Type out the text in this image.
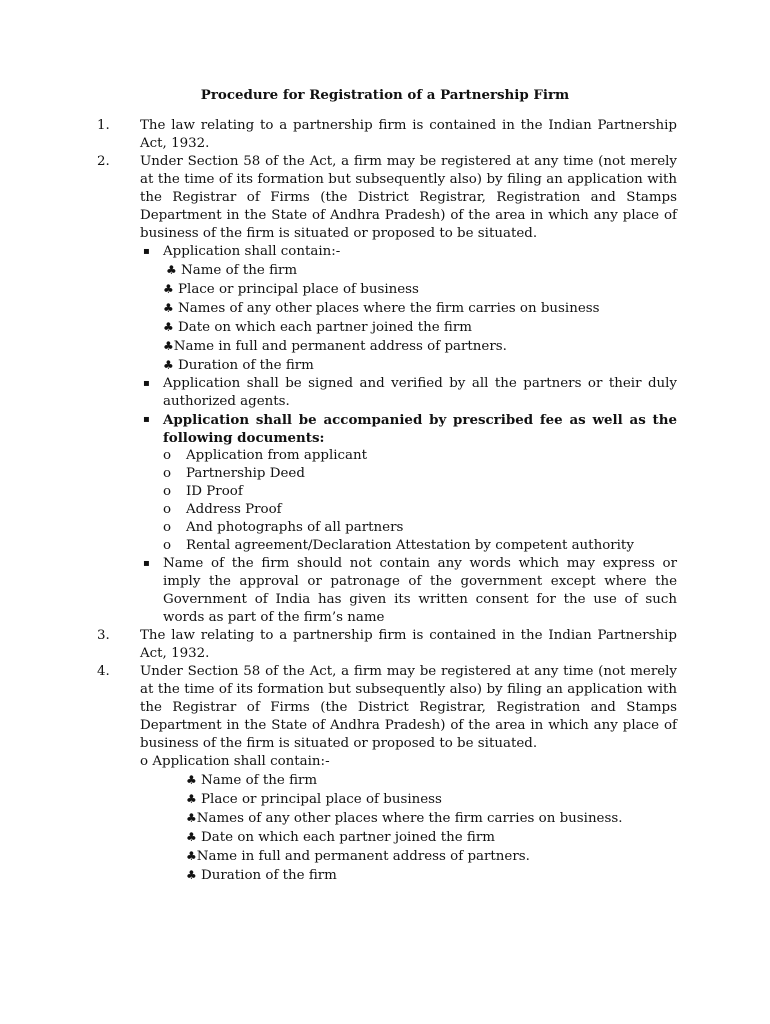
Procedure for Registration of a Partnership Firm
1. The law relating to a partnership firm is contained in the Indian Partnership Act, 1932.
2. Under Section 58 of the Act, a firm may be registered at any time (not merely at the time of its formation but subsequently also) by filing an application with the Registrar of Firms (the District Registrar, Registration and Stamps Department in the State of Andhra Pradesh) of the area in which any place of business of the firm is situated or proposed to be situated.
▪ Application shall contain:-
♣ Name of the firm
♣ Place or principal place of business
♣ Names of any other places where the firm carries on business
♣ Date on which each partner joined the firm
♣Name in full and permanent address of partners.
♣ Duration of the firm
▪ Application shall be signed and verified by all the partners or their duly authorized agents.
▪ Application shall be accompanied by prescribed fee as well as the following documents:
o Application from applicant
o Partnership Deed
o ID Proof
o Address Proof
o And photographs of all partners
o Rental agreement/Declaration Attestation by competent authority
▪ Name of the firm should not contain any words which may express or imply the approval or patronage of the government except where the Government of India has given its written consent for the use of such words as part of the firm’s name
3. The law relating to a partnership firm is contained in the Indian Partnership Act, 1932.
4. Under Section 58 of the Act, a firm may be registered at any time (not merely at the time of its formation but subsequently also) by filing an application with the Registrar of Firms (the District Registrar, Registration and Stamps Department in the State of Andhra Pradesh) of the area in which any place of business of the firm is situated or proposed to be situated.
o Application shall contain:-
♣ Name of the firm
♣ Place or principal place of business
♣Names of any other places where the firm carries on business.
♣ Date on which each partner joined the firm
♣Name in full and permanent address of partners.
♣ Duration of the firm
